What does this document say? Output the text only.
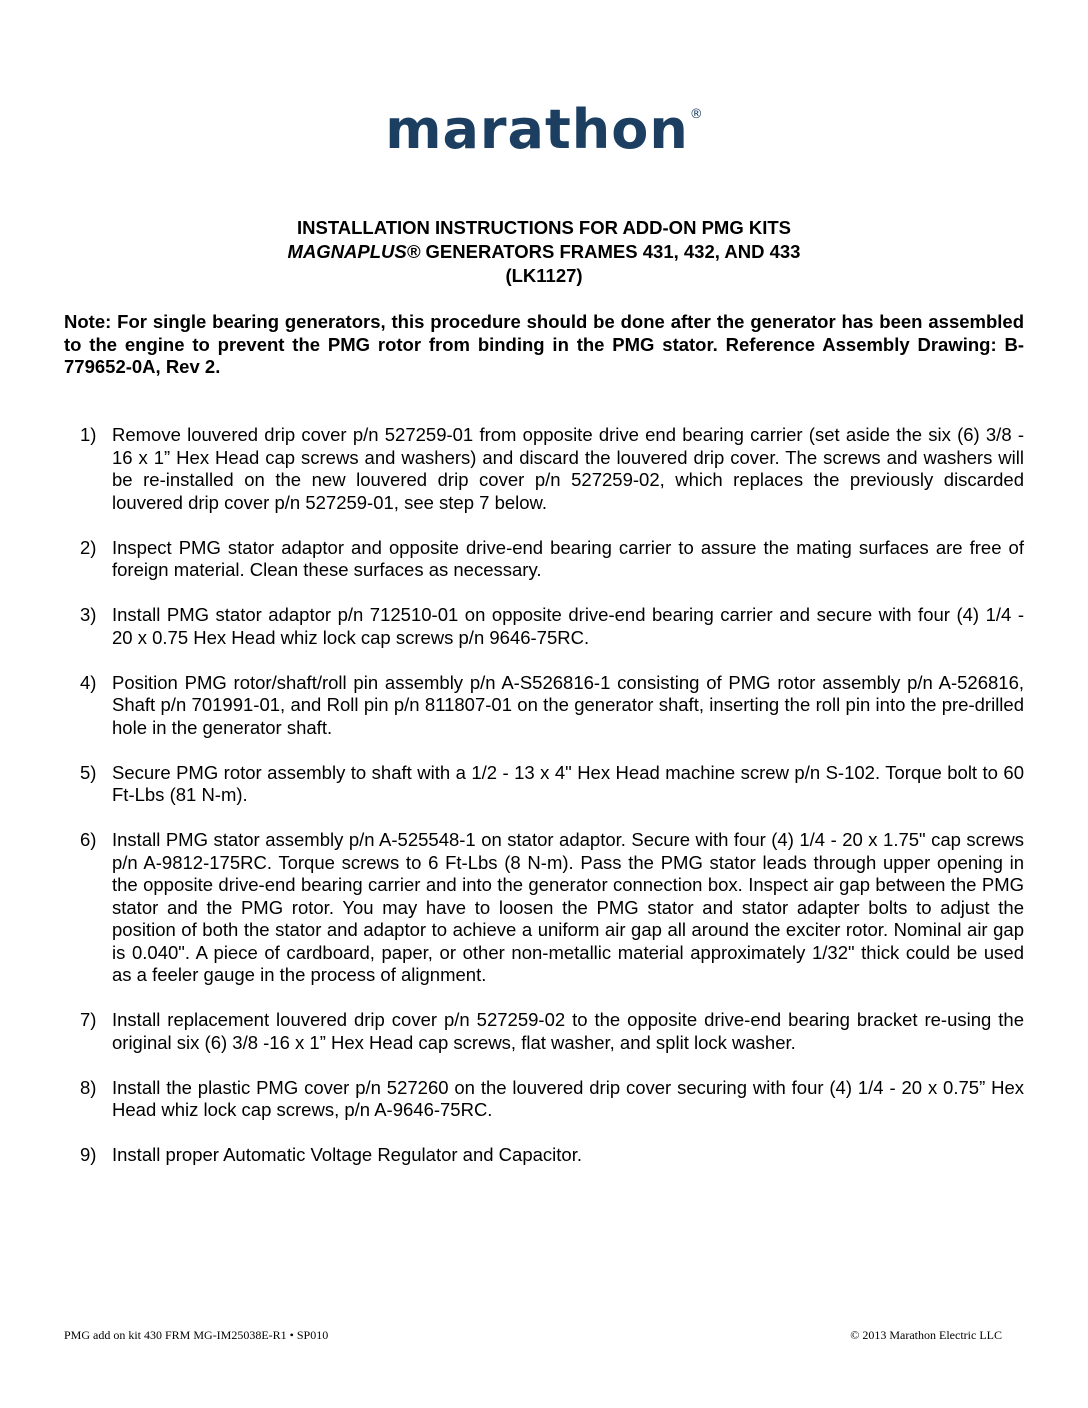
marathon®
INSTALLATION INSTRUCTIONS FOR ADD-ON PMG KITS
MAGNAPLUS® GENERATORS FRAMES 431, 432, AND 433
(LK1127)
Note: For single bearing generators, this procedure should be done after the generator has been assembled to the engine to prevent the PMG rotor from binding in the PMG stator. Reference Assembly Drawing: B-779652-0A, Rev 2.
1) Remove louvered drip cover p/n 527259-01 from opposite drive end bearing carrier (set aside the six (6) 3/8 - 16 x 1” Hex Head cap screws and washers) and discard the louvered drip cover. The screws and washers will be re-installed on the new louvered drip cover p/n 527259-02, which replaces the previously discarded louvered drip cover p/n 527259-01, see step 7 below.
2) Inspect PMG stator adaptor and opposite drive-end bearing carrier to assure the mating surfaces are free of foreign material. Clean these surfaces as necessary.
3) Install PMG stator adaptor p/n 712510-01 on opposite drive-end bearing carrier and secure with four (4) 1/4 - 20 x 0.75 Hex Head whiz lock cap screws p/n 9646-75RC.
4) Position PMG rotor/shaft/roll pin assembly p/n A-S526816-1 consisting of PMG rotor assembly p/n A-526816, Shaft p/n 701991-01, and Roll pin p/n 811807-01 on the generator shaft, inserting the roll pin into the pre-drilled hole in the generator shaft.
5) Secure PMG rotor assembly to shaft with a 1/2 - 13 x 4" Hex Head machine screw p/n S-102. Torque bolt to 60 Ft-Lbs (81 N-m).
6) Install PMG stator assembly p/n A-525548-1 on stator adaptor. Secure with four (4) 1/4 - 20 x 1.75" cap screws p/n A-9812-175RC. Torque screws to 6 Ft-Lbs (8 N-m). Pass the PMG stator leads through upper opening in the opposite drive-end bearing carrier and into the generator connection box. Inspect air gap between the PMG stator and the PMG rotor. You may have to loosen the PMG stator and stator adapter bolts to adjust the position of both the stator and adaptor to achieve a uniform air gap all around the exciter rotor. Nominal air gap is 0.040". A piece of cardboard, paper, or other non-metallic material approximately 1/32" thick could be used as a feeler gauge in the process of alignment.
7) Install replacement louvered drip cover p/n 527259-02 to the opposite drive-end bearing bracket re-using the original six (6) 3/8 -16 x 1” Hex Head cap screws, flat washer, and split lock washer.
8) Install the plastic PMG cover p/n 527260 on the louvered drip cover securing with four (4) 1/4 - 20 x 0.75” Hex Head whiz lock cap screws, p/n A-9646-75RC.
9) Install proper Automatic Voltage Regulator and Capacitor.
PMG add on kit 430 FRM MG-IM25038E-R1 • SP010	© 2013 Marathon Electric LLC
